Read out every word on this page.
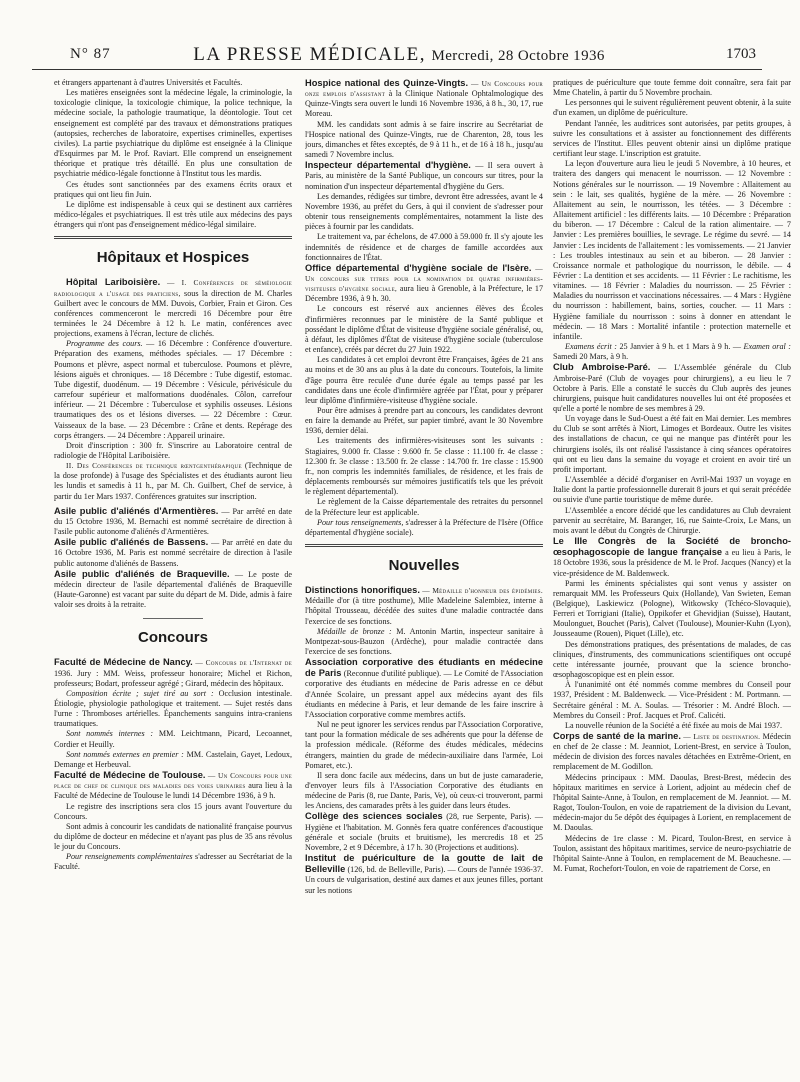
N° 87	LA PRESSE MÉDICALE, Mercredi, 28 Octobre 1936	1703

et étrangers appartenant à d'autres Universités et Facultés.

Les matières enseignées sont la médecine légale, la criminologie, la toxicologie clinique, la toxicologie chimique, la police technique, la médecine sociale, la pathologie traumatique, la déontologie. Tout cet enseignement est complété par des travaux et démonstrations pratiques (autopsies, recherches de laboratoire, expertises criminelles, expertises civiles). La partie psychiatrique du diplôme est enseignée à la Clinique d'Esquirmes par M. le Prof. Raviart. Elle comprend un enseignement théorique et pratique très détaillé. En plus une consultation de psychiatrie médico-légale fonctionne à l'Institut tous les mardis.

Ces études sont sanctionnées par des examens écrits oraux et pratiques qui ont lieu fin Juin.

Le diplôme est indispensable à ceux qui se destinent aux carrières médico-légales et psychiatriques. Il est très utile aux médecins des pays étrangers qui n'ont pas d'enseignement médico-légal similaire.

Hôpitaux et Hospices

Hôpital Lariboisière. — I. Conférences de séméiologie radiologique a l'usage des praticiens, sous la direction de M. Charles Guilbert avec le concours de MM. Duvois, Corbier, Frain et Giron. Ces conférences commenceront le mercredi 16 Décembre pour être terminées le 24 Décembre à 12 h. Le matin, conférences avec projections, examens à l'écran, lecture de clichés.

Programme des cours. — 16 Décembre : Conférence d'ouverture. Préparation des examens, méthodes spéciales. — 17 Décembre : Poumons et plèvre, aspect normal et tuberculose. Poumons et plèvre, lésions aiguës et chroniques. — 18 Décembre : Tube digestif, estomac. Tube digestif, duodénum. — 19 Décembre : Vésicule, périvésicule du carrefour supérieur et malformations duodénales. Côlon, carrefour inférieur. — 21 Décembre : Tuberculose et syphilis osseuses. Lésions traumatiques des os et lésions diverses. — 22 Décembre : Cœur. Vaisseaux de la base. — 23 Décembre : Crâne et dents. Repérage des corps étrangers. — 24 Décembre : Appareil urinaire.

Droit d'inscription : 300 fr. S'inscrire au Laboratoire central de radiologie de l'Hôpital Lariboisière.

II. Des Conférences de technique rœntgenthérapique (Technique de la dose profonde) à l'usage des Spécialistes et des étudiants auront lieu les lundis et samedis à 11 h., par M. Ch. Guilbert, Chef de service, à partir du 1er Mars 1937. Conférences gratuites sur inscription.

Asile public d'aliénés d'Armentières. — Par arrêté en date du 15 Octobre 1936, M. Bernachi est nommé secrétaire de direction à l'asile public autonome d'aliénés d'Armentières.

Asile public d'aliénés de Bassens. — Par arrêté en date du 16 Octobre 1936, M. Paris est nommé secrétaire de direction à l'asile public autonome d'aliénés de Bassens.

Asile public d'aliénés de Braqueville. — Le poste de médecin directeur de l'asile départemental d'aliénés de Braqueville (Haute-Garonne) est vacant par suite du départ de M. Dide, admis à faire valoir ses droits à la retraite.

Concours

Faculté de Médecine de Nancy. — Concours de l'Internat de 1936. Jury : MM. Weiss, professeur honoraire; Michel et Richon, professeurs; Bodart, professeur agrégé ; Girard, médecin des hôpitaux.

Composition écrite ; sujet tiré au sort : Occlusion intestinale. Étiologie, physiologie pathologique et traitement. — Sujet restés dans l'urne : Thromboses artérielles. Épanchements sanguins intra-craniens traumatiques.

Sont nommés internes : MM. Leichtmann, Picard, Lecoannet, Cordier et Heuilly.

Sont nommés externes en premier : MM. Castelain, Gayet, Ledoux, Demange et Herbeuval.

Faculté de Médecine de Toulouse. — Un Concours pour une place de chef de clinique des maladies des voies urinaires aura lieu à la Faculté de Médecine de Toulouse le lundi 14 Décembre 1936, à 9 h.

Le registre des inscriptions sera clos 15 jours avant l'ouverture du Concours.

Sont admis à concourir les candidats de nationalité française pourvus du diplôme de docteur en médecine et n'ayant pas plus de 35 ans révolus le jour du Concours.

Pour renseignements complémentaires s'adresser au Secrétariat de la Faculté.

Hospice national des Quinze-Vingts. — Un Concours pour onze emplois d'assistant à la Clinique Nationale Ophtalmologique des Quinze-Vingts sera ouvert le lundi 16 Novembre 1936, à 8 h., 30, 17, rue Moreau.

MM. les candidats sont admis à se faire inscrire au Secrétariat de l'Hospice national des Quinze-Vingts, rue de Charenton, 28, tous les jours, dimanches et fêtes exceptés, de 9 à 11 h., et de 16 à 18 h., jusqu'au samedi 7 Novembre inclus.

Inspecteur départemental d'hygiène. — Il sera ouvert à Paris, au ministère de la Santé Publique, un concours sur titres, pour la nomination d'un inspecteur départemental d'hygiène du Gers.

Les demandes, rédigées sur timbre, devront être adressées, avant le 4 Novembre 1936, au préfet du Gers, à qui il convient de s'adresser pour obtenir tous renseignements complémentaires, notamment la liste des pièces à fournir par les candidats.

Le traitement va, par échelons, de 47.000 à 59.000 fr. Il s'y ajoute les indemnités de résidence et de charges de famille accordées aux fonctionnaires de l'État.

Office départemental d'hygiène sociale de l'Isère. — Un concours sur titres pour la nomination de quatre infirmières-visiteuses d'hygiène sociale, aura lieu à Grenoble, à la Préfecture, le 17 Décembre 1936, à 9 h. 30.

Le concours est réservé aux anciennes élèves des Écoles d'infirmières reconnues par le ministère de la Santé publique et possédant le diplôme d'État de visiteuse d'hygiène sociale généralisé, ou, à défaut, les diplômes d'État de visiteuse d'hygiène sociale (tuberculose et enfance), créés par décret du 27 Juin 1922.

Les candidates à cet emploi devront être Françaises, âgées de 21 ans au moins et de 30 ans au plus à la date du concours. Toutefois, la limite d'âge pourra être reculée d'une durée égale au temps passé par les candidates dans une école d'infirmière agréée par l'État, pour y préparer leur diplôme d'infirmière-visiteuse d'hygiène sociale.

Pour être admises à prendre part au concours, les candidates devront en faire la demande au Préfet, sur papier timbré, avant le 30 Novembre 1936, dernier délai.

Les traitements des infirmières-visiteuses sont les suivants : Stagiaires, 9.000 fr. Classe : 9.600 fr. 5e classe : 11.100 fr. 4e classe : 12.300 fr. 3e classe : 13.500 fr. 2e classe : 14.700 fr. 1re classe : 15.900 fr., non compris les indemnités familiales, de résidence, et les frais de déplacements remboursés sur mémoires justificatifs tels que les prévoit le règlement départemental).

Le règlement de la Caisse départementale des retraites du personnel de la Préfecture leur est applicable.

Pour tous renseignements, s'adresser à la Préfecture de l'Isère (Office départemental d'hygiène sociale).

Nouvelles

Distinctions honorifiques. — Médaille d'honneur des épidémies. Médaille d'or (à titre posthume), Mlle Madeleine Salembiez, interne à l'hôpital Trousseau, décédée des suites d'une maladie contractée dans l'exercice de ses fonctions.

Médaille de bronze : M. Antonin Martin, inspecteur sanitaire à Montpezat-sous-Bauzon (Ardèche), pour maladie contractée dans l'exercice de ses fonctions.

Association corporative des étudiants en médecine de Paris (Reconnue d'utilité publique). — Le Comité de l'Association corporative des étudiants en médecine de Paris adresse en ce début d'Année Scolaire, un pressant appel aux médecins ayant des fils étudiants en médecine à Paris, et leur demande de les faire inscrire à l'Association corporative comme membres actifs.

Nul ne peut ignorer les services rendus par l'Association Corporative, tant pour la formation médicale de ses adhérents que pour la défense de la profession médicale. (Réforme des études médicales, médecins étrangers, maintien du grade de médecin-auxiliaire dans l'armée, Loi Pomaret, etc.).

Il sera donc facile aux médecins, dans un but de juste camaraderie, d'envoyer leurs fils à l'Association Corporative des étudiants en médecine de Paris (8, rue Dante, Paris, Ve), où ceux-ci trouveront, parmi les Anciens, des camarades prêts à les guider dans leurs études.

Collège des sciences sociales (28, rue Serpente, Paris). — Hygiène et l'habitation. M. Gonnès fera quatre conférences d'acoustique générale et sociale (bruits et bruitisme), les mercredis 18 et 25 Novembre, 2 et 9 Décembre, à 17 h. 30 (Projections et auditions).

Institut de puériculture de la goutte de lait de Belleville (126, bd. de Belleville, Paris). — Cours de l'année 1936-37. Un cours de vulgarisation, destiné aux dames et aux jeunes filles, portant sur les notions

pratiques de puériculture que toute femme doit connaître, sera fait par Mme Chatelin, à partir du 5 Novembre prochain.

Les personnes qui le suivent régulièrement peuvent obtenir, à la suite d'un examen, un diplôme de puériculture.

Pendant l'année, les auditrices sont autorisées, par petits groupes, à suivre les consultations et à assister au fonctionnement des différents services de l'Institut. Elles peuvent obtenir ainsi un diplôme pratique certifiant leur stage. L'inscription est gratuite.

La leçon d'ouverture aura lieu le jeudi 5 Novembre, à 10 heures, et traitera des dangers qui menacent le nourrisson. — 12 Novembre : Notions générales sur le nourrisson. — 19 Novembre : Allaitement au sein : le lait, ses qualités, hygiène de la mère. — 26 Novembre : Allaitement au sein, le nourrisson, les tétées. — 3 Décembre : Allaitement artificiel : les différents laits. — 10 Décembre : Préparation du biberon. — 17 Décembre : Calcul de la ration alimentaire. — 7 Janvier : Les premières bouillies, le sevrage. Le régime du sevré. — 14 Janvier : Les incidents de l'allaitement : les vomissements. — 21 Janvier : Les troubles intestinaux au sein et au biberon. — 28 Janvier : Croissance normale et pathologique du nourrisson, le débile. — 4 Février : La dentition et ses accidents. — 11 Février : Le rachitisme, les vitamines. — 18 Février : Maladies du nourrisson. — 25 Février : Maladies du nourrisson et vaccinations nécessaires. — 4 Mars : Hygiène du nourrisson : habillement, bains, sorties, coucher. — 11 Mars : Hygiène familiale du nourrisson : soins à donner en attendant le médecin. — 18 Mars : Mortalité infantile : protection maternelle et infantile.

Examens écrit : 25 Janvier à 9 h. et 1 Mars à 9 h. — Examen oral : Samedi 20 Mars, à 9 h.

Club Ambroise-Paré. — L'Assemblée générale du Club Ambroise-Paré (Club de voyages pour chirurgiens), a eu lieu le 7 Octobre à Paris. Elle a constaté le succès du Club auprès des jeunes chirurgiens, puisque huit candidatures nouvelles lui ont été proposées et qu'elle a porté le nombre de ses membres à 29.

Un voyage dans le Sud-Ouest a été fait en Mai dernier. Les membres du Club se sont arrêtés à Niort, Limoges et Bordeaux. Outre les visites des installations de chacun, ce qui ne manque pas d'intérêt pour les chirurgiens isolés, ils ont réalisé l'assistance à cinq séances opératoires qui ont eu lieu dans la semaine du voyage et croient en avoir tiré un profit important.

L'Assemblée a décidé d'organiser en Avril-Mai 1937 un voyage en Italie dont la partie professionnelle durerait 8 jours et qui serait précédée ou suivie d'une partie touristique de même durée.

L'Assemblée a encore décidé que les candidatures au Club devraient parvenir au secrétaire, M. Baranger, 16, rue Sainte-Croix, Le Mans, un mois avant le début du Congrès de Chirurgie.

Le IIIe Congrès de la Société de broncho-œsophagoscopie de langue française a eu lieu à Paris, le 18 Octobre 1936, sous la présidence de M. le Prof. Jacques (Nancy) et la vice-présidence de M. Baldenweck.

Parmi les éminents spécialistes qui sont venus y assister on remarquait MM. les Professeurs Quix (Hollande), Van Swieten, Eeman (Belgique), Laskiewicz (Pologne), Witkowsky (Tchéco-Slovaquie), Ferreri et Torrigiani (Italie), Oppikofer et Ghevidjian (Suisse), Hautant, Moulonguet, Bouchet (Paris), Calvet (Toulouse), Mounier-Kuhn (Lyon), Jousseaume (Rouen), Piquet (Lille), etc.

Des démonstrations pratiques, des présentations de malades, de cas cliniques, d'instruments, des communications scientifiques ont occupé cette intéressante journée, prouvant que la science broncho-œsophagoscopique est en plein essor.

À l'unanimité ont été nommés comme membres du Conseil pour 1937, Président : M. Baldenweck. — Vice-Président : M. Portmann. — Secrétaire général : M. A. Soulas. — Trésorier : M. André Bloch. — Membres du Conseil : Prof. Jacques et Prof. Calicéti.

La nouvelle réunion de la Société a été fixée au mois de Mai 1937.

Corps de santé de la marine. — Liste de destination. Médecin en chef de 2e classe : M. Jeanniot, Lorient-Brest, en service à Toulon, médecin de division des forces navales détachées en Extrême-Orient, en remplacement de M. Godillon.

Médecins principaux : MM. Daoulas, Brest-Brest, médecin des hôpitaux maritimes en service à Lorient, adjoint au médecin chef de l'hôpital Sainte-Anne, à Toulon, en remplacement de M. Jeanniot. — M. Ragot, Toulon-Toulon, en voie de rapatriement de la division du Levant, médecin-major du 5e dépôt des équipages à Lorient, en remplacement de M. Daoulas.

Médecins de 1re classe : M. Picard, Toulon-Brest, en service à Toulon, assistant des hôpitaux maritimes, service de neuro-psychiatrie de l'hôpital Sainte-Anne à Toulon, en remplacement de M. Beauchesne. — M. Fumat, Rochefort-Toulon, en voie de rapatriement de Corse, en
